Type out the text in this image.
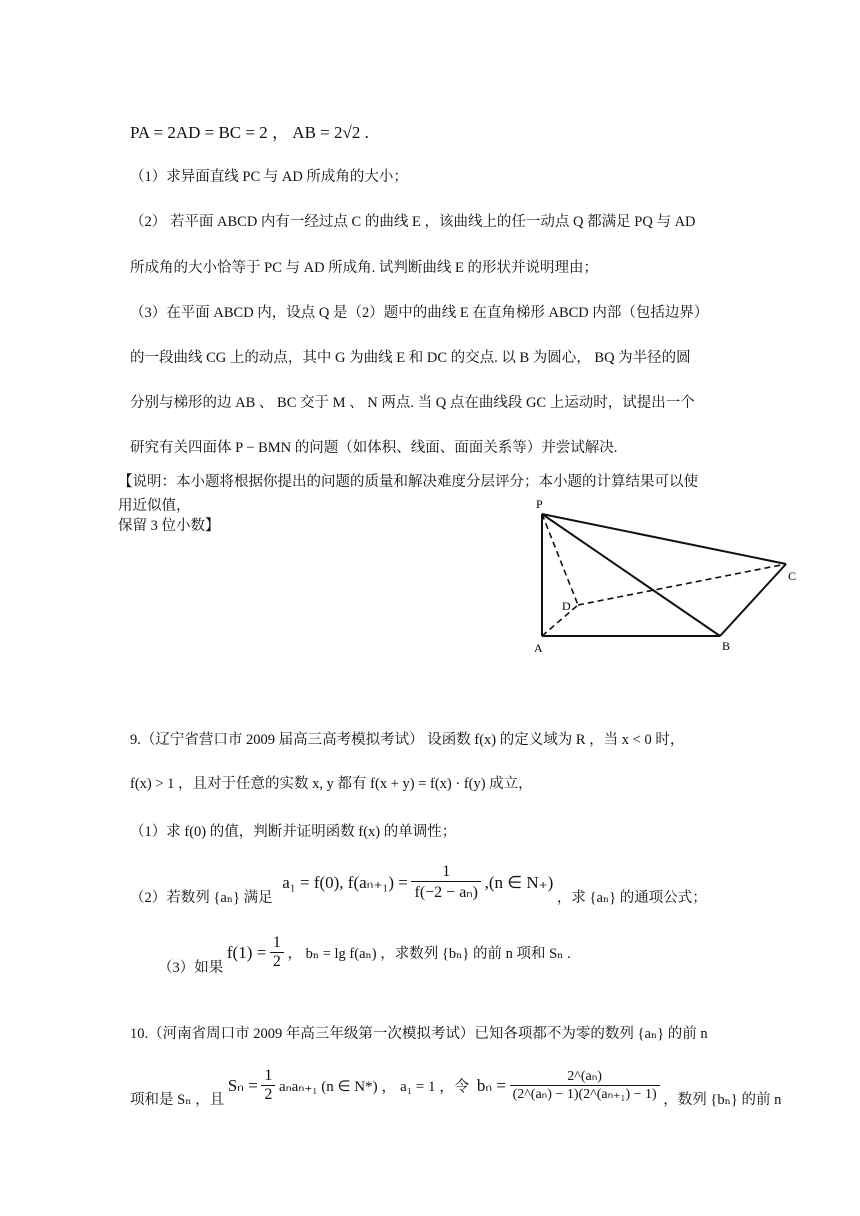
PA = 2AD = BC = 2 ， AB = 2√2 .
（1）求异面直线 PC 与 AD 所成角的大小；
（2） 若平面 ABCD 内有一经过点 C 的曲线 E ，该曲线上的任一动点 Q 都满足 PQ 与 AD
所成角的大小恰等于 PC 与 AD 所成角. 试判断曲线 E 的形状并说明理由；
（3）在平面 ABCD 内，设点 Q 是（2）题中的曲线 E 在直角梯形 ABCD 内部（包括边界）
的一段曲线 CG 上的动点，其中 G 为曲线 E 和 DC 的交点. 以 B 为圆心， BQ 为半径的圆
分别与梯形的边 AB 、 BC 交于 M 、 N 两点. 当 Q 点在曲线段 GC 上运动时，试提出一个
研究有关四面体 P − BMN 的问题（如体积、线面、面面关系等）并尝试解决.
【说明：本小题将根据你提出的问题的质量和解决难度分层评分；本小题的计算结果可以使
用近似值，
保留 3 位小数】
P
A	B
C
D
9.（辽宁省营口市 2009 届高三高考模拟考试） 设函数 f(x) 的定义域为 R ，当 x < 0 时，
f(x) > 1 ，且对于任意的实数 x, y 都有 f(x + y) = f(x) · f(y) 成立，
（1）求 f(0) 的值，判断并证明函数 f(x) 的单调性；
（2）若数列 {aₙ} 满足 a₁ = f(0), $f(a_{n+1}) = \frac{1}{\text{f(−2 − aₙ)}} ,(n$ ∈ N₊) ，求 {aₙ} 的通项公式；
（3）如果 $f(1) = \frac{1}{2}$ ， bₙ = lg f(aₙ) ，求数列 {bₙ} 的前 n 项和 Sₙ .
10.（河南省周口市 2009 年高三年级第一次模拟考试）已知各项都不为零的数列 {aₙ} 的前 n
项和是 Sₙ ，且 $S_n = \frac{1}{2} a_na_{n+1}$ (n ∈ N*) ， a₁ = 1 ，令 $b_n = \frac{\text{2\textasciicircum{}(aₙ)}}{\text{(2\textasciicircum{}(aₙ) − 1)(2\textasciicircum{}(aₙ₊₁) − 1)}}$ ，数列 {bₙ} 的前 n
